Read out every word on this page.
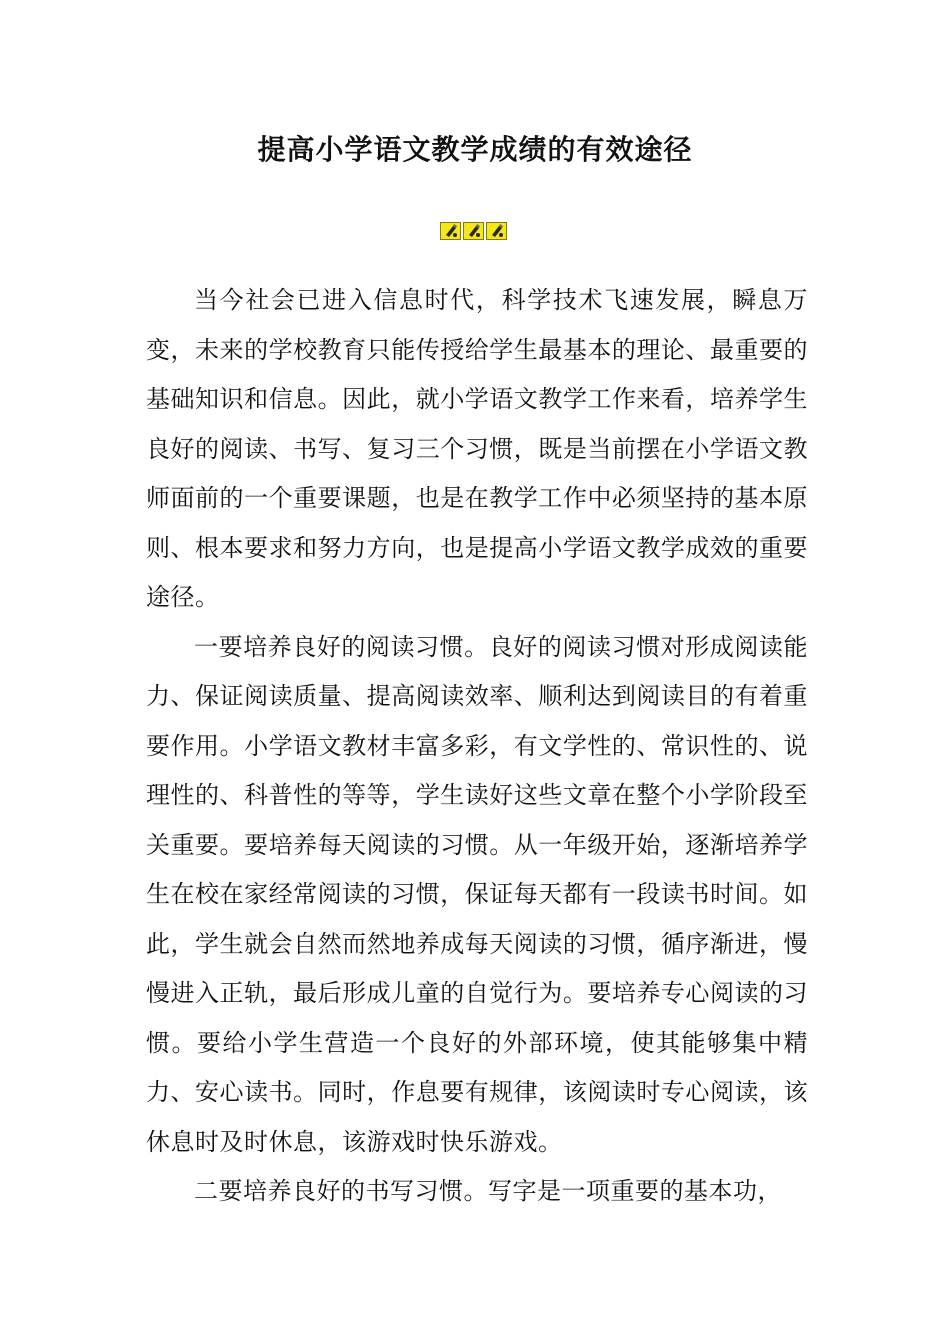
提高小学语文教学成绩的有效途径

当今社会已进入信息时代，科学技术飞速发展，瞬息万变，未来的学校教育只能传授给学生最基本的理论、最重要的基础知识和信息。因此，就小学语文教学工作来看，培养学生良好的阅读、书写、复习三个习惯，既是当前摆在小学语文教师面前的一个重要课题，也是在教学工作中必须坚持的基本原则、根本要求和努力方向，也是提高小学语文教学成效的重要途径。

一要培养良好的阅读习惯。良好的阅读习惯对形成阅读能力、保证阅读质量、提高阅读效率、顺利达到阅读目的有着重要作用。小学语文教材丰富多彩，有文学性的、常识性的、说理性的、科普性的等等，学生读好这些文章在整个小学阶段至关重要。要培养每天阅读的习惯。从一年级开始，逐渐培养学生在校在家经常阅读的习惯，保证每天都有一段读书时间。如此，学生就会自然而然地养成每天阅读的习惯，循序渐进，慢慢进入正轨，最后形成儿童的自觉行为。要培养专心阅读的习惯。要给小学生营造一个良好的外部环境，使其能够集中精力、安心读书。同时，作息要有规律，该阅读时专心阅读，该休息时及时休息，该游戏时快乐游戏。

二要培养良好的书写习惯。写字是一项重要的基本功，
